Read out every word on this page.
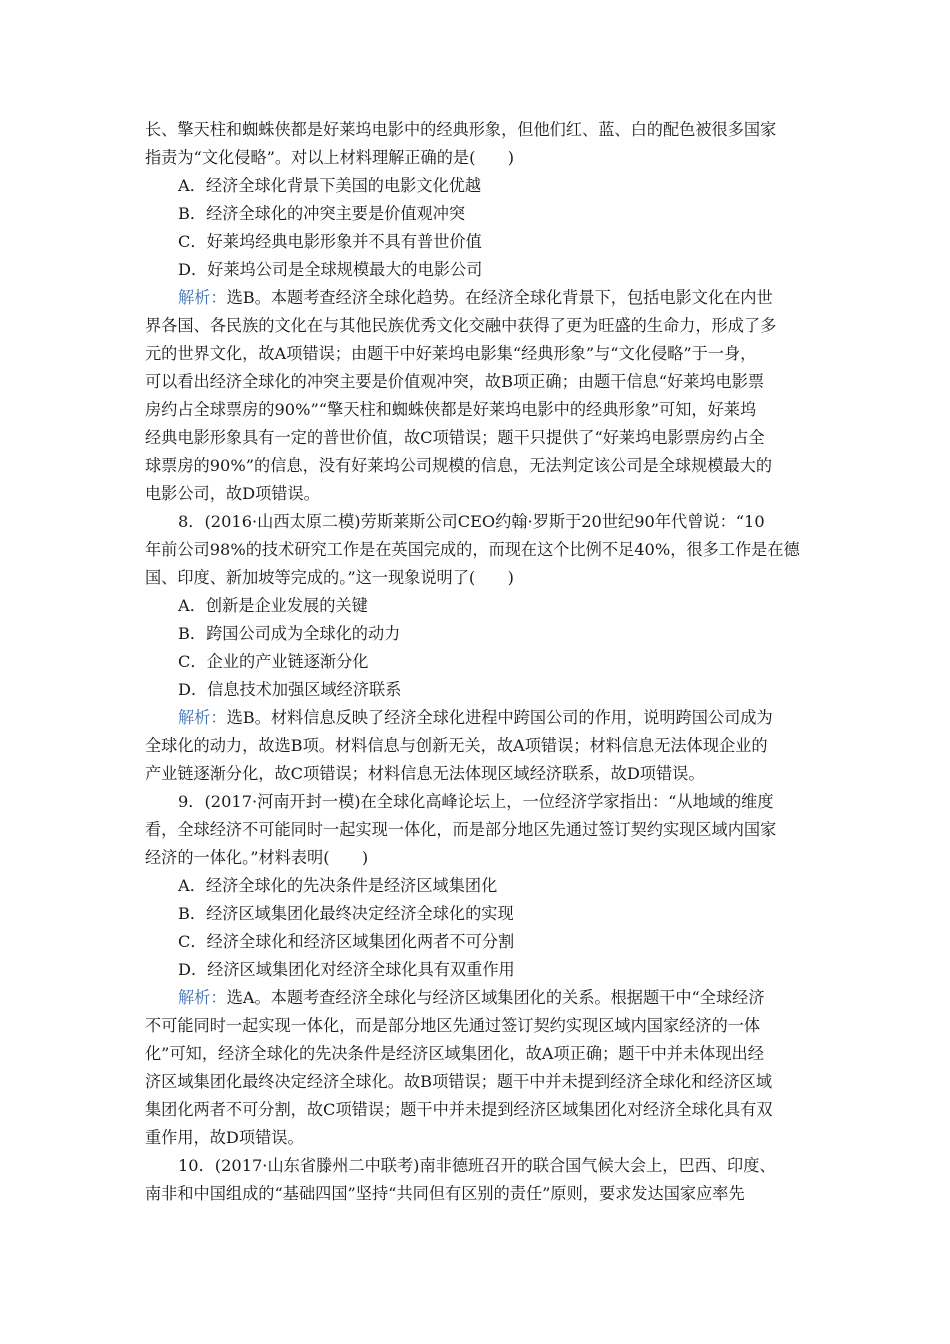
长、擎天柱和蜘蛛侠都是好莱坞电影中的经典形象，但他们红、蓝、白的配色被很多国家
指责为“文化侵略”。对以上材料理解正确的是(　　)
A．经济全球化背景下美国的电影文化优越
B．经济全球化的冲突主要是价值观冲突
C．好莱坞经典电影形象并不具有普世价值
D．好莱坞公司是全球规模最大的电影公司
解析：选B。本题考查经济全球化趋势。在经济全球化背景下，包括电影文化在内世
界各国、各民族的文化在与其他民族优秀文化交融中获得了更为旺盛的生命力，形成了多
元的世界文化，故A项错误；由题干中好莱坞电影集“经典形象”与“文化侵略”于一身，
可以看出经济全球化的冲突主要是价值观冲突，故B项正确；由题干信息“好莱坞电影票
房约占全球票房的90%”“擎天柱和蜘蛛侠都是好莱坞电影中的经典形象”可知，好莱坞
经典电影形象具有一定的普世价值，故C项错误；题干只提供了“好莱坞电影票房约占全
球票房的90%”的信息，没有好莱坞公司规模的信息，无法判定该公司是全球规模最大的
电影公司，故D项错误。
8．(2016·山西太原二模)劳斯莱斯公司CEO约翰·罗斯于20世纪90年代曾说：“10
年前公司98%的技术研究工作是在英国完成的，而现在这个比例不足40%，很多工作是在德
国、印度、新加坡等完成的。”这一现象说明了(　　)
A．创新是企业发展的关键
B．跨国公司成为全球化的动力
C．企业的产业链逐渐分化
D．信息技术加强区域经济联系
解析：选B。材料信息反映了经济全球化进程中跨国公司的作用，说明跨国公司成为
全球化的动力，故选B项。材料信息与创新无关，故A项错误；材料信息无法体现企业的
产业链逐渐分化，故C项错误；材料信息无法体现区域经济联系，故D项错误。
9．(2017·河南开封一模)在全球化高峰论坛上，一位经济学家指出：“从地域的维度
看，全球经济不可能同时一起实现一体化，而是部分地区先通过签订契约实现区域内国家
经济的一体化。”材料表明(　　)
A．经济全球化的先决条件是经济区域集团化
B．经济区域集团化最终决定经济全球化的实现
C．经济全球化和经济区域集团化两者不可分割
D．经济区域集团化对经济全球化具有双重作用
解析：选A。本题考查经济全球化与经济区域集团化的关系。根据题干中“全球经济
不可能同时一起实现一体化，而是部分地区先通过签订契约实现区域内国家经济的一体
化”可知，经济全球化的先决条件是经济区域集团化，故A项正确；题干中并未体现出经
济区域集团化最终决定经济全球化。故B项错误；题干中并未提到经济全球化和经济区域
集团化两者不可分割，故C项错误；题干中并未提到经济区域集团化对经济全球化具有双
重作用，故D项错误。
10．(2017·山东省滕州二中联考)南非德班召开的联合国气候大会上，巴西、印度、
南非和中国组成的“基础四国”坚持“共同但有区别的责任”原则，要求发达国家应率先
